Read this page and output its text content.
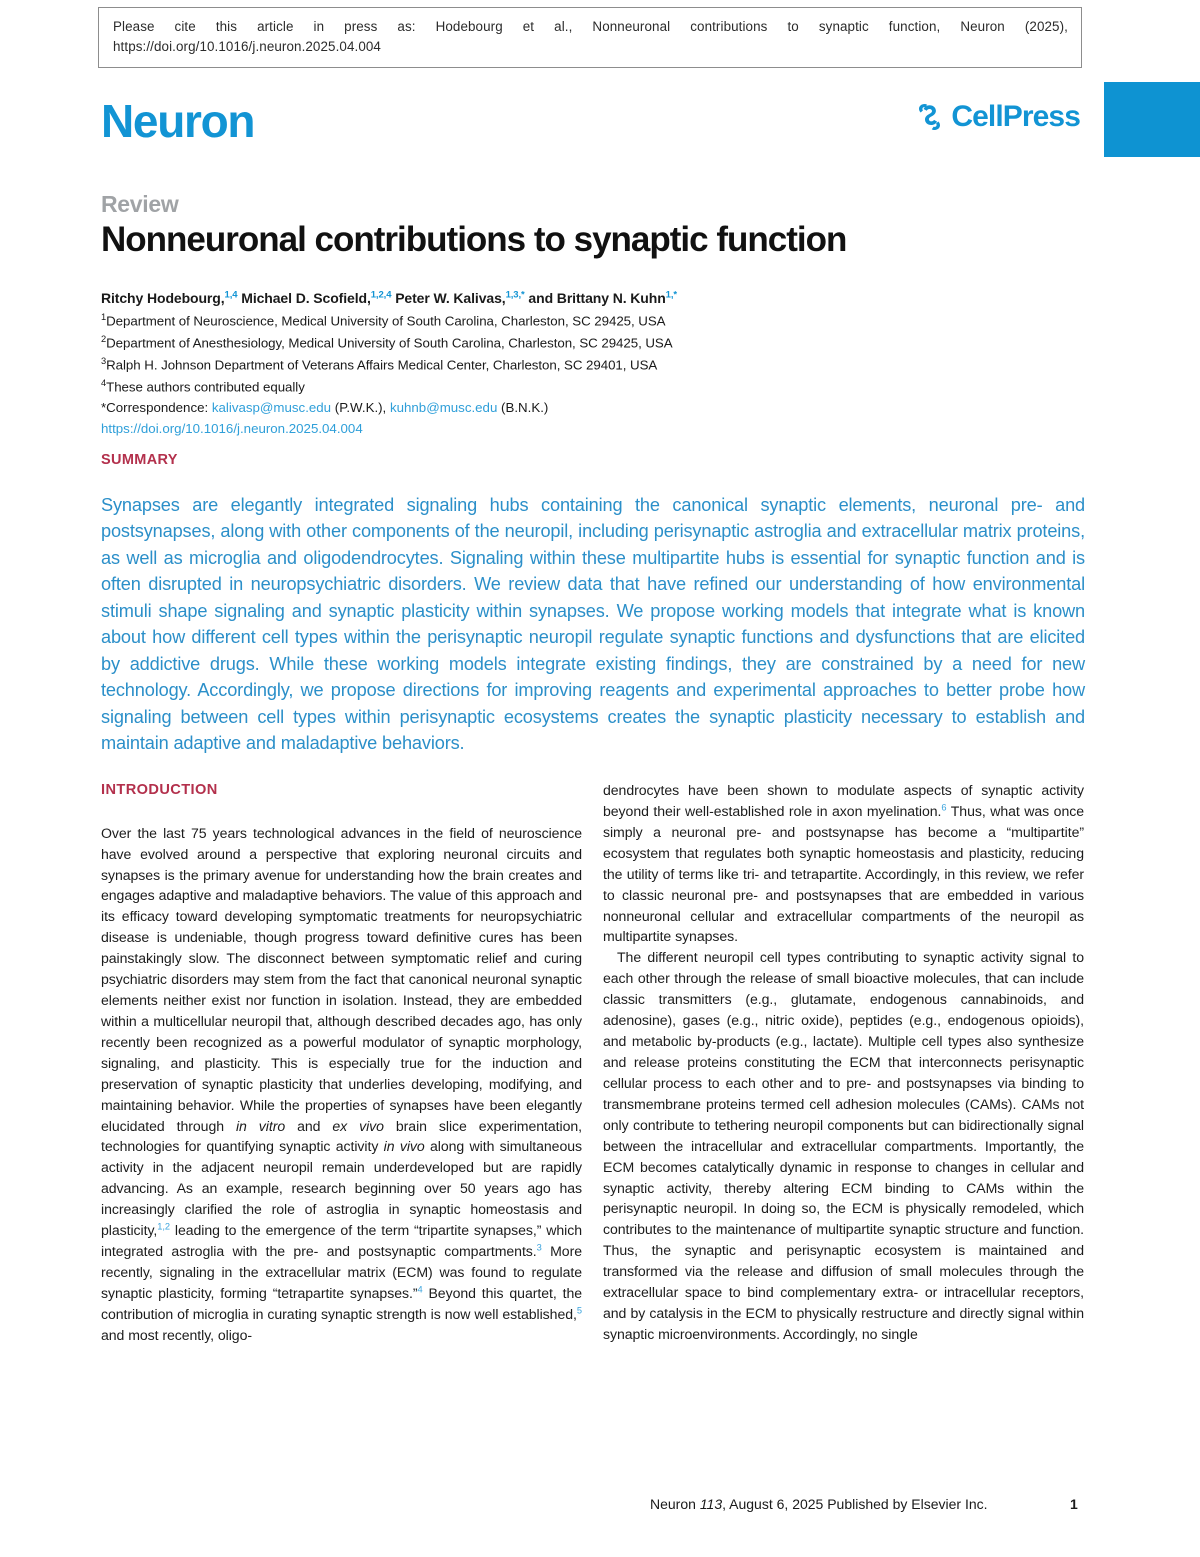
Please cite this article in press as: Hodebourg et al., Nonneuronal contributions to synaptic function, Neuron (2025), https://doi.org/10.1016/j.neuron.2025.04.004
Neuron	CellPress
Review
Nonneuronal contributions to synaptic function
Ritchy Hodebourg,$^{1,4}$ Michael D. Scofield,$^{1,2,4}$ Peter W. Kalivas,$^{1,3,*}$ and Brittany N. Kuhn$^{1,*}$
$^1$Department of Neuroscience, Medical University of South Carolina, Charleston, SC 29425, USA
$^2$Department of Anesthesiology, Medical University of South Carolina, Charleston, SC 29425, USA
$^3$Ralph H. Johnson Department of Veterans Affairs Medical Center, Charleston, SC 29401, USA
$^4$These authors contributed equally
*Correspondence: kalivasp@musc.edu (P.W.K.), kuhnb@musc.edu (B.N.K.)
https://doi.org/10.1016/j.neuron.2025.04.004
SUMMARY
Synapses are elegantly integrated signaling hubs containing the canonical synaptic elements, neuronal pre- and postsynapses, along with other components of the neuropil, including perisynaptic astroglia and extracellular matrix proteins, as well as microglia and oligodendrocytes. Signaling within these multipartite hubs is essential for synaptic function and is often disrupted in neuropsychiatric disorders. We review data that have refined our understanding of how environmental stimuli shape signaling and synaptic plasticity within synapses. We propose working models that integrate what is known about how different cell types within the perisynaptic neuropil regulate synaptic functions and dysfunctions that are elicited by addictive drugs. While these working models integrate existing findings, they are constrained by a need for new technology. Accordingly, we propose directions for improving reagents and experimental approaches to better probe how signaling between cell types within perisynaptic ecosystems creates the synaptic plasticity necessary to establish and maintain adaptive and maladaptive behaviors.
INTRODUCTION

Over the last 75 years technological advances in the field of neuroscience have evolved around a perspective that exploring neuronal circuits and synapses is the primary avenue for understanding how the brain creates and engages adaptive and maladaptive behaviors. The value of this approach and its efficacy toward developing symptomatic treatments for neuropsychiatric disease is undeniable, though progress toward definitive cures has been painstakingly slow. The disconnect between symptomatic relief and curing psychiatric disorders may stem from the fact that canonical neuronal synaptic elements neither exist nor function in isolation. Instead, they are embedded within a multicellular neuropil that, although described decades ago, has only recently been recognized as a powerful modulator of synaptic morphology, signaling, and plasticity. This is especially true for the induction and preservation of synaptic plasticity that underlies developing, modifying, and maintaining behavior. While the properties of synapses have been elegantly elucidated through in vitro and ex vivo brain slice experimentation, technologies for quantifying synaptic activity in vivo along with simultaneous activity in the adjacent neuropil remain underdeveloped but are rapidly advancing. As an example, research beginning over 50 years ago has increasingly clarified the role of astroglia in synaptic homeostasis and plasticity,$^{1,2}$ leading to the emergence of the term “tripartite synapses,” which integrated astroglia with the pre- and postsynaptic compartments.$^3$ More recently, signaling in the extracellular matrix (ECM) was found to regulate synaptic plasticity, forming “tetrapartite synapses.”$^4$ Beyond this quartet, the contribution of microglia in curating synaptic strength is now well established,$^5$ and most recently, oligo-

dendrocytes have been shown to modulate aspects of synaptic activity beyond their well-established role in axon myelination.$^6$ Thus, what was once simply a neuronal pre- and postsynapse has become a “multipartite” ecosystem that regulates both synaptic homeostasis and plasticity, reducing the utility of terms like tri- and tetrapartite. Accordingly, in this review, we refer to classic neuronal pre- and postsynapses that are embedded in various nonneuronal cellular and extracellular compartments of the neuropil as multipartite synapses.

The different neuropil cell types contributing to synaptic activity signal to each other through the release of small bioactive molecules, that can include classic transmitters (e.g., glutamate, endogenous cannabinoids, and adenosine), gases (e.g., nitric oxide), peptides (e.g., endogenous opioids), and metabolic by-products (e.g., lactate). Multiple cell types also synthesize and release proteins constituting the ECM that interconnects perisynaptic cellular process to each other and to pre- and postsynapses via binding to transmembrane proteins termed cell adhesion molecules (CAMs). CAMs not only contribute to tethering neuropil components but can bidirectionally signal between the intracellular and extracellular compartments. Importantly, the ECM becomes catalytically dynamic in response to changes in cellular and synaptic activity, thereby altering ECM binding to CAMs within the perisynaptic neuropil. In doing so, the ECM is physically remodeled, which contributes to the maintenance of multipartite synaptic structure and function. Thus, the synaptic and perisynaptic ecosystem is maintained and transformed via the release and diffusion of small molecules through the extracellular space to bind complementary extra- or intracellular receptors, and by catalysis in the ECM to physically restructure and directly signal within synaptic microenvironments. Accordingly, no single

Neuron 113, August 6, 2025 Published by Elsevier Inc.	1
